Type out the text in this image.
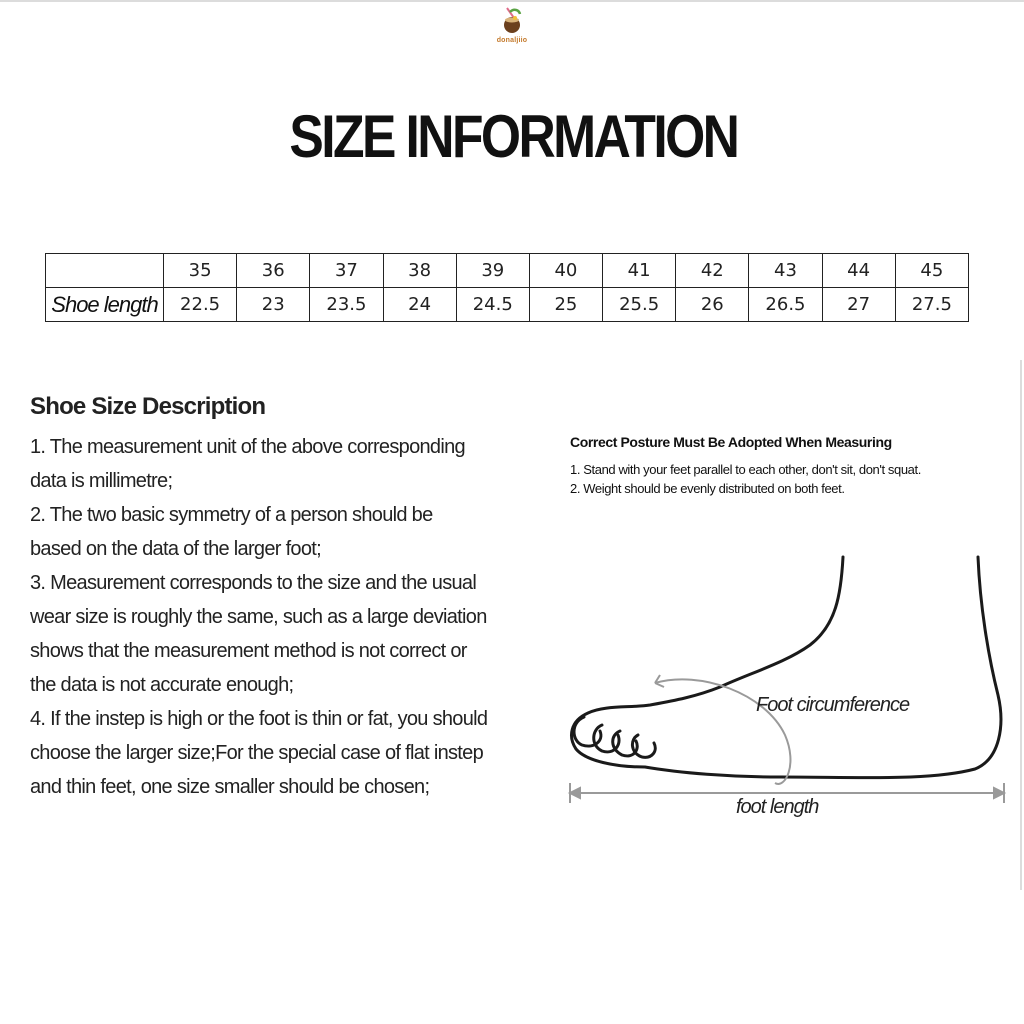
donaljiio
SIZE INFORMATION
	35	36	37	38	39	40	41	42	43	44	45
Shoe length	22.5	23	23.5	24	24.5	25	25.5	26	26.5	27	27.5
Shoe Size Description
1. The measurement unit of the above corresponding
data is millimetre;
2. The two basic symmetry of a person should be
based on the data of the larger foot;
3. Measurement corresponds to the size and the usual
wear size is roughly the same, such as a large deviation
shows that the measurement method is not correct or
the data is not accurate enough;
4. If the instep is high or the foot is thin or fat, you should
choose the larger size;For the special case of flat instep
and thin feet, one size smaller should be chosen;
Correct Posture Must Be Adopted When Measuring
1. Stand with your feet parallel to each other, don't sit, don't squat.
2. Weight should be evenly distributed on both feet.
Foot circumference
foot length
